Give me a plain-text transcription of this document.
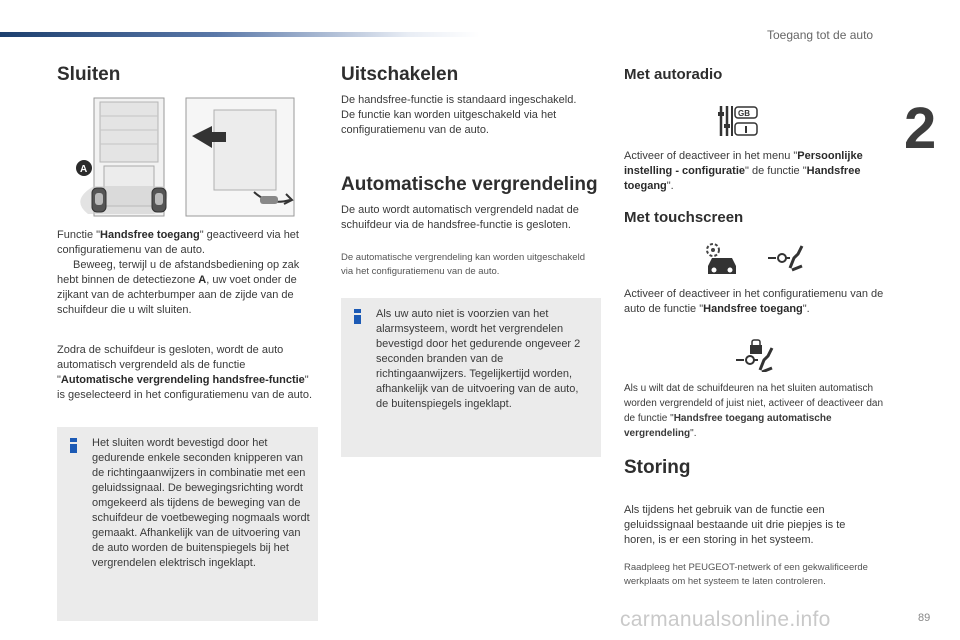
Toegang tot de auto
2
89
Sluiten
A

Functie "Handsfree toegang" geactiveerd via het configuratiemenu van de auto.

Beweeg, terwijl u de afstandsbediening op zak hebt binnen de detectiezone A, uw voet onder de zijkant van de achterbumper aan de zijde van de schuifdeur die u wilt sluiten.

Zodra de schuifdeur is gesloten, wordt de auto automatisch vergrendeld als de functie "Automatische vergrendeling handsfree-functie" is geselecteerd in het configuratiemenu van de auto.

Het sluiten wordt bevestigd door het gedurende enkele seconden knipperen van de richtingaanwijzers in combinatie met een geluidssignaal. De bewegingsrichting wordt omgekeerd als tijdens de beweging van de schuifdeur de voetbeweging nogmaals wordt gemaakt. Afhankelijk van de uitvoering van de auto worden de buitenspiegels bij het vergrendelen elektrisch ingeklapt.
Uitschakelen

De handsfree-functie is standaard ingeschakeld. De functie kan worden uitgeschakeld via het configuratiemenu van de auto.

Automatische vergrendeling

De auto wordt automatisch vergrendeld nadat de schuifdeur via de handsfree-functie is gesloten.

De automatische vergrendeling kan worden uitgeschakeld via het configuratiemenu van de auto.

Als uw auto niet is voorzien van het alarmsysteem, wordt het vergrendelen bevestigd door het gedurende ongeveer 2 seconden branden van de richtingaanwijzers. Tegelijkertijd worden, afhankelijk van de uitvoering van de auto, de buitenspiegels ingeklapt.
Met autoradio
GB

Activeer of deactiveer in het menu "Persoonlijke instelling - configuratie" de functie "Handsfree toegang".

Met touchscreen

Activeer of deactiveer in het configuratiemenu van de auto de functie "Handsfree toegang".

Als u wilt dat de schuifdeuren na het sluiten automatisch worden vergrendeld of juist niet, activeer of deactiveer dan de functie "Handsfree toegang automatische vergrendeling".

Storing

Als tijdens het gebruik van de functie een geluidssignaal bestaande uit drie piepjes is te horen, is er een storing in het systeem.

Raadpleeg het PEUGEOT-netwerk of een gekwalificeerde werkplaats om het systeem te laten controleren.

carmanualsonline.info
